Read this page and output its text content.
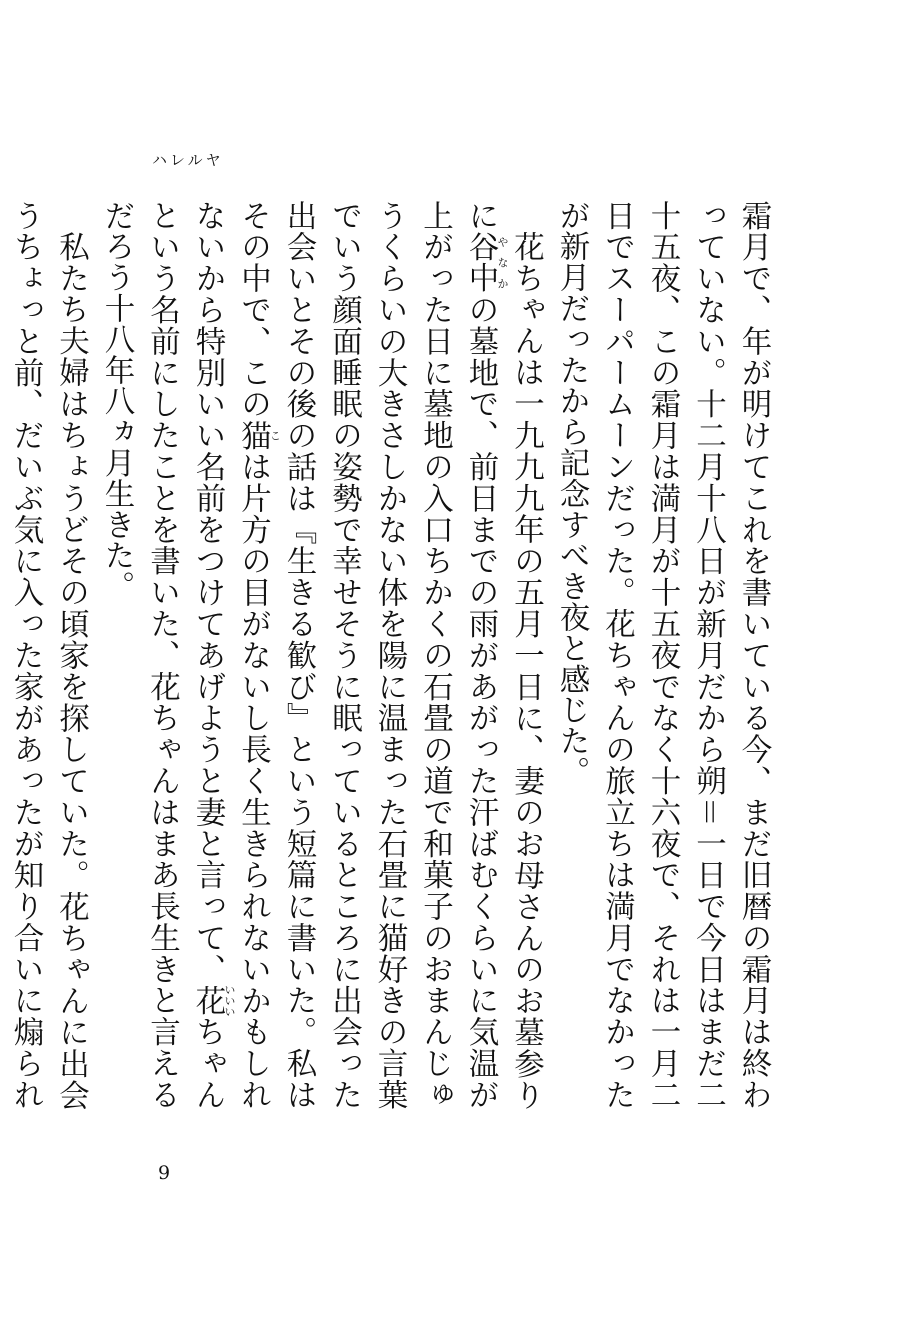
ハレルヤ

霜月で、年が明けてこれを書いている今、まだ旧暦の霜月は終わっていない。十二月十八日が新月だから朔＝一日で今日はまだ二十五夜、この霜月は満月が十五夜でなく十六夜で、それは一月二日でスーパームーンだった。花ちゃんの旅立ちは満月でなかったが新月だったから記念すべき夜と感じた。

花ちゃんは一九九九年の五月一日に、妻のお母さんのお墓参りに谷中やなかの墓地で、前日までの雨があがった汗ばむくらいに気温が上がった日に墓地の入口ちかくの石畳の道で和菓子のおまんじゅうくらいの大きさしかない体を陽に温まった石畳に猫好きの言葉でいう顔面睡眠の姿勢で幸せそうに眠っているところに出会った出会いとその後の話は『生きる歓び』という短篇に書いた。私はその中で、この猫こは片方の目がないし長く生きられないかもしれないから特別いい名前をつけてあげようと妻と言って、花いいいちゃんという名前にしたことを書いた、花ちゃんはまあ長生きと言えるだろう十八年八ヵ月生きた。

私たち夫婦はちょうどその頃家を探していた。花ちゃんに出会うちょっと前、だいぶ気に入った家があったが知り合いに煽られ

9
